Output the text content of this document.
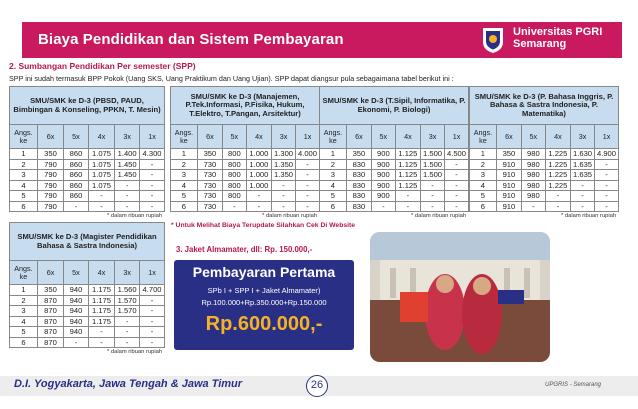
Biaya Pendidikan dan Sistem Pembayaran	Universitas PGRI
Semarang
2. Sumbangan Pendidikan Per semester (SPP)
SPP ini sudah termasuk BPP Pokok (Uang SKS, Uang Praktikum dan Uang Ujian). SPP dapat diangsur pula sebagaimana tabel berikut ini :
SMU/SMK ke D-3 (PBSD, PAUD, Bimbingan & Konseling, PPKN, T. Mesin)					
Angs. ke	6x	5x	4x	3x	1x
1	350	860	1.075	1.400	4.300
2	790	860	1.075	1.450	-
3	790	860	1.075	1.450	-
4	790	860	1.075	-	-
5	790	860	-	-	-
6	790	-	-	-	-
* dalam ribuan rupiah
SMU/SMK ke D-3 (Manajemen, P.Tek.Informasi, P.Fisika, Hukum, T.Elektro, T.Pangan, Arsitektur)					
Angs. ke	6x	5x	4x	3x	1x
1	350	800	1.000	1.300	4.000
2	730	800	1.000	1.350	-
3	730	800	1.000	1.350	-
4	730	800	1.000	-	-
5	730	800	-	-	-
6	730	-	-	-	-
* dalam ribuan rupiah
SMU/SMK ke D-3 (T.Sipil, Informatika, P. Ekonomi, P. Biologi)					
Angs. ke	6x	5x	4x	3x	1x
1	350	900	1.125	1.500	4.500
2	830	900	1.125	1.500	-
3	830	900	1.125	1.500	-
4	830	900	1.125	-	-
5	830	900	-	-	-
6	830	-	-	-	-
* dalam ribuan rupiah
SMU/SMK ke D-3 (P. Bahasa Inggris, P. Bahasa & Sastra Indonesia, P. Matematika)					
Angs. ke	6x	5x	4x	3x	1x
1	350	980	1.225	1.630	4.900
2	910	980	1.225	1.635	-
3	910	980	1.225	1.635	-
4	910	980	1.225	-	-
5	910	980	-	-	-
6	910	-	-	-	-
* dalam ribuan rupiah
SMU/SMK ke D-3 (Magister Pendidikan Bahasa & Sastra Indonesia)					
Angs. ke	6x	5x	4x	3x	1x
1	350	940	1.175	1.560	4.700
2	870	940	1.175	1.570	-
3	870	940	1.175	1.570	-
4	870	940	1.175	-	-
5	870	940	-	-	-
6	870	-	-	-	-
* dalam ribuan rupiah
* Untuk Melihat Biaya Terupdate Silahkan Cek Di Website
3. Jaket Almamater, dll: Rp. 150.000,-
Pembayaran Pertama
SPb I + SPP I + Jaket Almamater)
Rp.100.000+Rp.350.000+Rp.150.000
Rp.600.000,-
D.I. Yogyakarta, Jawa Tengah & Jawa Timur	26	UPGRIS - Semarang
